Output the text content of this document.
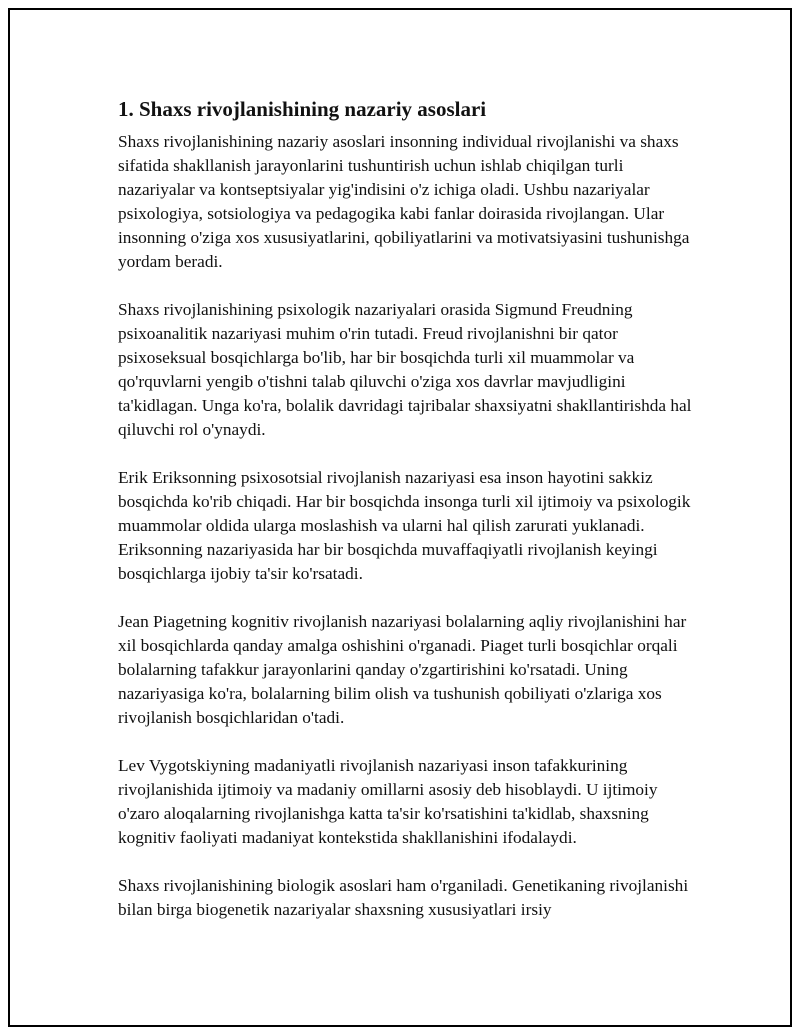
1. Shaxs rivojlanishining nazariy asoslari

Shaxs rivojlanishining nazariy asoslari insonning individual rivojlanishi va shaxs sifatida shakllanish jarayonlarini tushuntirish uchun ishlab chiqilgan turli nazariyalar va kontseptsiyalar yig'indisini o'z ichiga oladi. Ushbu nazariyalar psixologiya, sotsiologiya va pedagogika kabi fanlar doirasida rivojlangan. Ular insonning o'ziga xos xususiyatlarini, qobiliyatlarini va motivatsiyasini tushunishga yordam beradi.

Shaxs rivojlanishining psixologik nazariyalari orasida Sigmund Freudning psixoanalitik nazariyasi muhim o'rin tutadi. Freud rivojlanishni bir qator psixoseksual bosqichlarga bo'lib, har bir bosqichda turli xil muammolar va qo'rquvlarni yengib o'tishni talab qiluvchi o'ziga xos davrlar mavjudligini ta'kidlagan. Unga ko'ra, bolalik davridagi tajribalar shaxsiyatni shakllantirishda hal qiluvchi rol o'ynaydi.

Erik Eriksonning psixosotsial rivojlanish nazariyasi esa inson hayotini sakkiz bosqichda ko'rib chiqadi. Har bir bosqichda insonga turli xil ijtimoiy va psixologik muammolar oldida ularga moslashish va ularni hal qilish zarurati yuklanadi. Eriksonning nazariyasida har bir bosqichda muvaffaqiyatli rivojlanish keyingi bosqichlarga ijobiy ta'sir ko'rsatadi.

Jean Piagetning kognitiv rivojlanish nazariyasi bolalarning aqliy rivojlanishini har xil bosqichlarda qanday amalga oshishini o'rganadi. Piaget turli bosqichlar orqali bolalarning tafakkur jarayonlarini qanday o'zgartirishini ko'rsatadi. Uning nazariyasiga ko'ra, bolalarning bilim olish va tushunish qobiliyati o'zlariga xos rivojlanish bosqichlaridan o'tadi.

Lev Vygotskiyning madaniyatli rivojlanish nazariyasi inson tafakkurining rivojlanishida ijtimoiy va madaniy omillarni asosiy deb hisoblaydi. U ijtimoiy o'zaro aloqalarning rivojlanishga katta ta'sir ko'rsatishini ta'kidlab, shaxsning kognitiv faoliyati madaniyat kontekstida shakllanishini ifodalaydi.

Shaxs rivojlanishining biologik asoslari ham o'rganiladi. Genetikaning rivojlanishi bilan birga biogenetik nazariyalar shaxsning xususiyatlari irsiy
